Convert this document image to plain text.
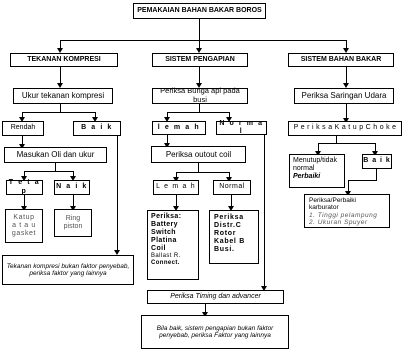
PEMAKAIAN BAHAN BAKAR BOROS
TEKANAN KOMPRESI	SISTEM PENGAPIAN	SISTEM BAHAN BAKAR
Ukur tekanan kompresi
Rendah	B a i k
Masukan Oli dan ukur
T e t a p
N a i k
Katup
a t a u
gasket
Ring
piston
Tekanan kompresi bukan faktor penyebab, periksa faktor yang lainnya
Periksa Bunga api pada busi
l e m a h
N o r m a l
Periksa outout coil
L e m a h	Normal
Periksa:
Battery
Switch
Platina
Coil
Ballast R.
Connect.
Periksa
Distr.C
Rotor
Kabel B
Busi.
Periksa Timing dan advancer
Bila baik, sistem pengapian bukan faktor penyebab, periksa Faktor yang lainnya
Periksa Saringan Udara
P e r i k s a K a t u p C h o k e
Menutup/tidak
normal
Perbaiki
B a i k
Periksa/Perbaiki karburator
1. Tinggi pelampung
2. Ukuran Spuyer
